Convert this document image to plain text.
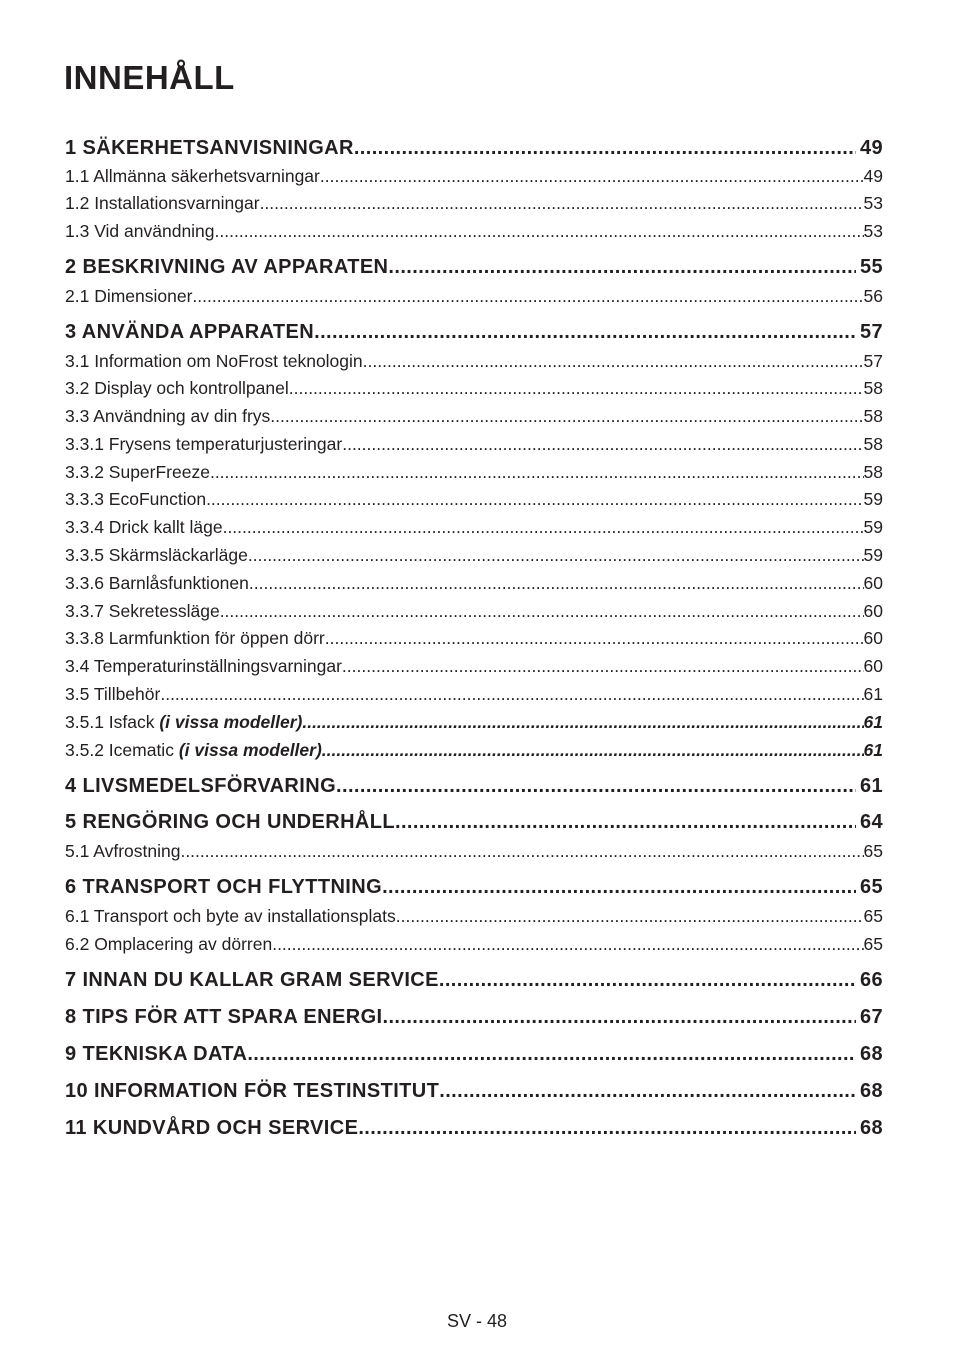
INNEHÅLL
1 SÄKERHETSANVISNINGAR .....	49
1.1 Allmänna säkerhetsvarningar .....	49
1.2 Installationsvarningar .....	53
1.3 Vid användning .....	53
2 BESKRIVNING AV APPARATEN .....	55
2.1 Dimensioner .....	56
3 ANVÄNDA APPARATEN .....	57
3.1 Information om NoFrost teknologin .....	57
3.2 Display och kontrollpanel .....	58
3.3 Användning av din frys .....	58
3.3.1 Frysens temperaturjusteringar .....	58
3.3.2 SuperFreeze .....	58
3.3.3 EcoFunction .....	59
3.3.4 Drick kallt läge .....	59
3.3.5 Skärmsläckarläge .....	59
3.3.6 Barnlåsfunktionen .....	60
3.3.7 Sekretessläge .....	60
3.3.8 Larmfunktion för öppen dörr .....	60
3.4 Temperaturinställningsvarningar .....	60
3.5 Tillbehör .....	61
3.5.1 Isfack (i vissa modeller) .....	61
3.5.2 Icematic (i vissa modeller) .....	61
4 LIVSMEDELSFÖRVARING .....	61
5 RENGÖRING OCH UNDERHÅLL .....	64
5.1 Avfrostning .....	65
6 TRANSPORT OCH FLYTTNING .....	65
6.1 Transport och byte av installationsplats .....	65
6.2 Omplacering av dörren .....	65
7 INNAN DU KALLAR GRAM SERVICE .....	66
8 TIPS FÖR ATT SPARA ENERGI .....	67
9 TEKNISKA DATA .....	68
10 INFORMATION FÖR TESTINSTITUT .....	68
11 KUNDVÅRD OCH SERVICE .....	68
SV - 48
